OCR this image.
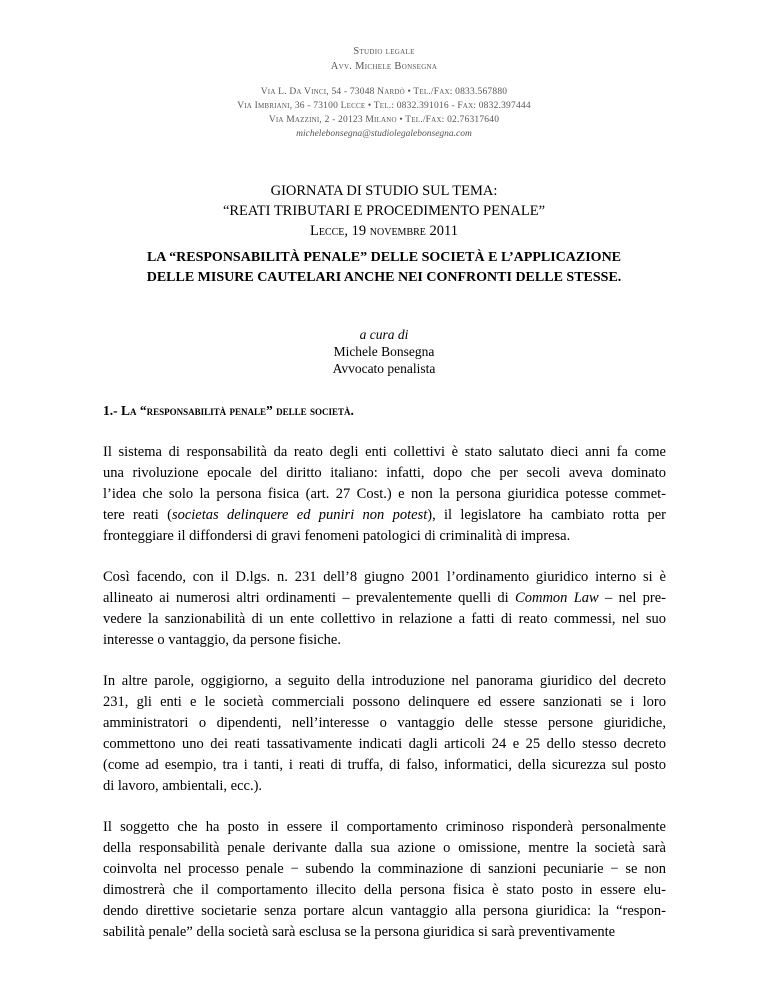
Studio legale
Avv. Michele Bonsegna
Via L. Da Vinci, 54 - 73048 Nardò • Tel./Fax: 0833.567880
Via Imbriani, 36 - 73100 Lecce • Tel.: 0832.391016 - Fax: 0832.397444
Via Mazzini, 2 - 20123 Milano • Tel./Fax: 02.76317640
michelebonsegna@studiolegalebonsegna.com
GIORNATA DI STUDIO SUL TEMA:
“REATI TRIBUTARI E PROCEDIMENTO PENALE”
Lecce, 19 novembre 2011
LA “RESPONSABILITÀ PENALE” DELLE SOCIETÀ E L’APPLICAZIONE
DELLE MISURE CAUTELARI ANCHE NEI CONFRONTI DELLE STESSE.
a cura di
Michele Bonsegna
Avvocato penalista
1.- La “responsabilità penale” delle società.

Il sistema di responsabilità da reato degli enti collettivi è stato salutato dieci anni fa come
una rivoluzione epocale del diritto italiano: infatti, dopo che per secoli aveva dominato
l’idea che solo la persona fisica (art. 27 Cost.) e non la persona giuridica potesse commet-
tere reati (societas delinquere ed puniri non potest), il legislatore ha cambiato rotta per
fronteggiare il diffondersi di gravi fenomeni patologici di criminalità di impresa.

Così facendo, con il D.lgs. n. 231 dell’8 giugno 2001 l’ordinamento giuridico interno si è
allineato ai numerosi altri ordinamenti – prevalentemente quelli di Common Law – nel pre-
vedere la sanzionabilità di un ente collettivo in relazione a fatti di reato commessi, nel suo
interesse o vantaggio, da persone fisiche.

In altre parole, oggigiorno, a seguito della introduzione nel panorama giuridico del decreto
231, gli enti e le società commerciali possono delinquere ed essere sanzionati se i loro
amministratori o dipendenti, nell’interesse o vantaggio delle stesse persone giuridiche,
commettono uno dei reati tassativamente indicati dagli articoli 24 e 25 dello stesso decreto
(come ad esempio, tra i tanti, i reati di truffa, di falso, informatici, della sicurezza sul posto
di lavoro, ambientali, ecc.).

Il soggetto che ha posto in essere il comportamento criminoso risponderà personalmente
della responsabilità penale derivante dalla sua azione o omissione, mentre la società sarà
coinvolta nel processo penale − subendo la comminazione di sanzioni pecuniarie − se non
dimostrerà che il comportamento illecito della persona fisica è stato posto in essere elu-
dendo direttive societarie senza portare alcun vantaggio alla persona giuridica: la “respon-
sabilità penale” della società sarà esclusa se la persona giuridica si sarà preventivamente
